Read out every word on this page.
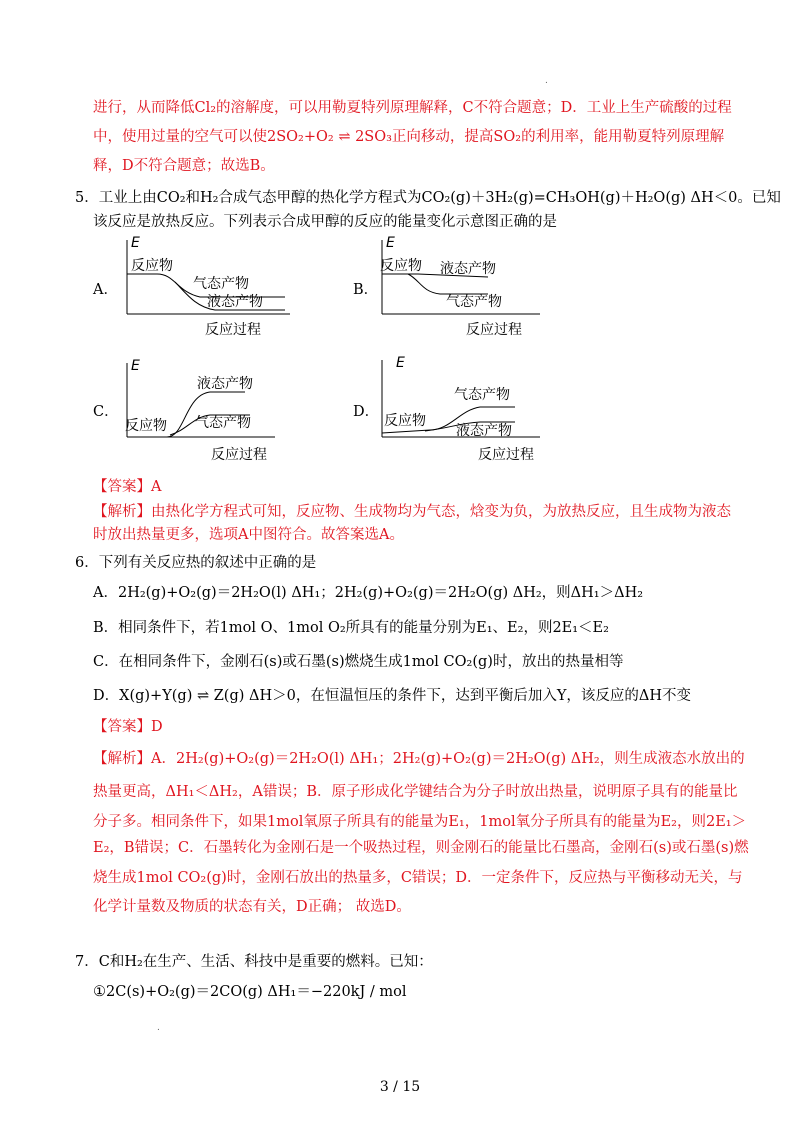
.
进行，从而降低Cl₂的溶解度，可以用勒夏特列原理解释，C不符合题意；D．工业上生产硫酸的过程
中，使用过量的空气可以使2SO₂+O₂ ⇌ 2SO₃正向移动，提高SO₂的利用率，能用勒夏特列原理解
释，D不符合题意；故选B。
5．工业上由CO₂和H₂合成气态甲醇的热化学方程式为CO₂(g)＋3H₂(g)=CH₃OH(g)＋H₂O(g) ΔH＜0。已知
该反应是放热反应。下列表示合成甲醇的反应的能量变化示意图正确的是
A．
E
反应物
气态产物
液态产物
反应过程
B．
E
反应物 液态产物
气态产物
反应过程
C．
E
液态产物
反应物 气态产物
反应过程
D．
E
气态产物
反应物
液态产物
反应过程
【答案】A
【解析】由热化学方程式可知，反应物、生成物均为气态，焓变为负，为放热反应，且生成物为液态
时放出热量更多，选项A中图符合。故答案选A。
6．下列有关反应热的叙述中正确的是
A．2H₂(g)+O₂(g)＝2H₂O(l) ΔH₁；2H₂(g)+O₂(g)＝2H₂O(g) ΔH₂，则ΔH₁＞ΔH₂
B．相同条件下，若1mol O、1mol O₂所具有的能量分别为E₁、E₂，则2E₁＜E₂
C．在相同条件下，金刚石(s)或石墨(s)燃烧生成1mol CO₂(g)时，放出的热量相等
D．X(g)+Y(g) ⇌ Z(g) ΔH＞0，在恒温恒压的条件下，达到平衡后加入Y，该反应的ΔH不变
【答案】D
【解析】A．2H₂(g)+O₂(g)＝2H₂O(l) ΔH₁；2H₂(g)+O₂(g)＝2H₂O(g) ΔH₂，则生成液态水放出的
热量更高，ΔH₁＜ΔH₂，A错误；B．原子形成化学键结合为分子时放出热量，说明原子具有的能量比
分子多。相同条件下，如果1mol氧原子所具有的能量为E₁，1mol氧分子所具有的能量为E₂，则2E₁＞
E₂，B错误；C．石墨转化为金刚石是一个吸热过程，则金刚石的能量比石墨高，金刚石(s)或石墨(s)燃
烧生成1mol CO₂(g)时，金刚石放出的热量多，C错误；D．一定条件下，反应热与平衡移动无关，与
化学计量数及物质的状态有关，D正确； 故选D。
7．C和H₂在生产、生活、科技中是重要的燃料。已知：
①2C(s)+O₂(g)＝2CO(g) ΔH₁＝−220kJ / mol
.
3 / 15
